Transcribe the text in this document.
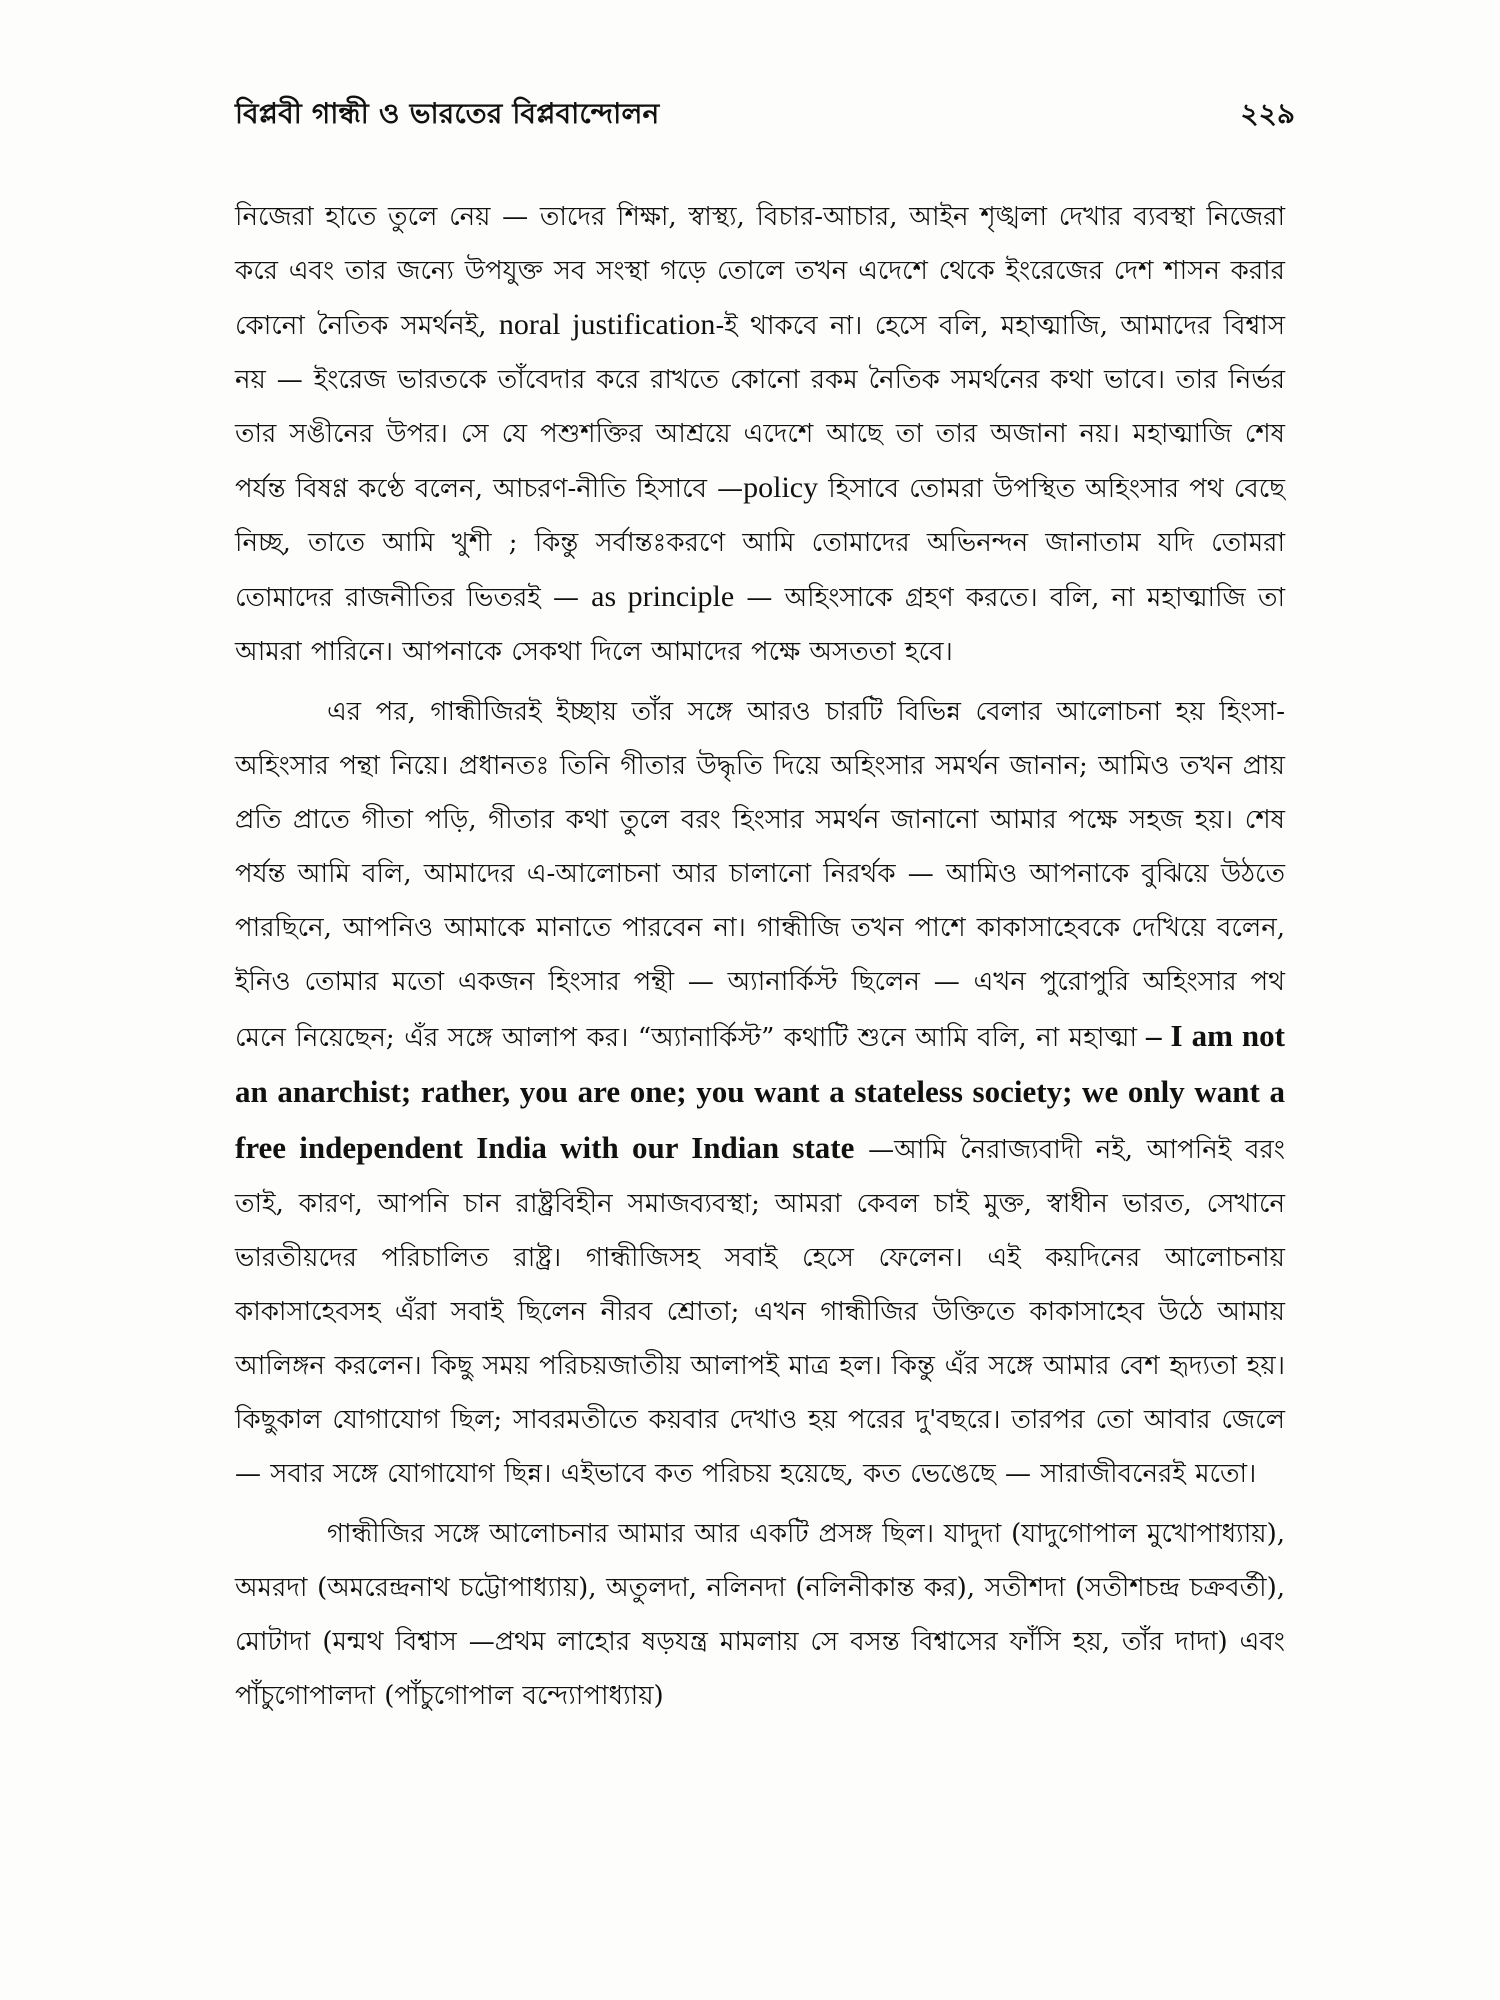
বিপ্লবী গান্ধী ও ভারতের বিপ্লবান্দোলন	২২৯

নিজেরা হাতে তুলে নেয় — তাদের শিক্ষা, স্বাস্থ্য, বিচার-আচার, আইন শৃঙ্খলা দেখার ব্যবস্থা নিজেরা করে এবং তার জন্যে উপযুক্ত সব সংস্থা গড়ে তোলে তখন এদেশে থেকে ইংরেজের দেশ শাসন করার কোনো নৈতিক সমর্থনই, noral justification-ই থাকবে না। হেসে বলি, মহাত্মাজি, আমাদের বিশ্বাস নয় — ইংরেজ ভারতকে তাঁবেদার করে রাখতে কোনো রকম নৈতিক সমর্থনের কথা ভাবে। তার নির্ভর তার সঙীনের উপর। সে যে পশুশক্তির আশ্রয়ে এদেশে আছে তা তার অজানা নয়। মহাত্মাজি শেষ পর্যন্ত বিষণ্ণ কণ্ঠে বলেন, আচরণ-নীতি হিসাবে —policy হিসাবে তোমরা উপস্থিত অহিংসার পথ বেছে নিচ্ছ, তাতে আমি খুশী ; কিন্তু সর্বান্তঃকরণে আমি তোমাদের অভিনন্দন জানাতাম যদি তোমরা তোমাদের রাজনীতির ভিতরই — as principle — অহিংসাকে গ্রহণ করতে। বলি, না মহাত্মাজি তা আমরা পারিনে। আপনাকে সেকথা দিলে আমাদের পক্ষে অসততা হবে।

এর পর, গান্ধীজিরই ইচ্ছায় তাঁর সঙ্গে আরও চারটি বিভিন্ন বেলার আলোচনা হয় হিংসা-অহিংসার পন্থা নিয়ে। প্রধানতঃ তিনি গীতার উদ্ধৃতি দিয়ে অহিংসার সমর্থন জানান; আমিও তখন প্রায় প্রতি প্রাতে গীতা পড়ি, গীতার কথা তুলে বরং হিংসার সমর্থন জানানো আমার পক্ষে সহজ হয়। শেষ পর্যন্ত আমি বলি, আমাদের এ-আলোচনা আর চালানো নিরর্থক — আমিও আপনাকে বুঝিয়ে উঠতে পারছিনে, আপনিও আমাকে মানাতে পারবেন না। গান্ধীজি তখন পাশে কাকাসাহেবকে দেখিয়ে বলেন, ইনিও তোমার মতো একজন হিংসার পন্থী — অ্যানার্কিস্ট ছিলেন — এখন পুরোপুরি অহিংসার পথ মেনে নিয়েছেন; এঁর সঙ্গে আলাপ কর। “অ্যানার্কিস্ট” কথাটি শুনে আমি বলি, না মহাত্মা – I am not an anarchist; rather, you are one; you want a stateless society; we only want a free independent India with our Indian state —আমি নৈরাজ্যবাদী নই, আপনিই বরং তাই, কারণ, আপনি চান রাষ্ট্রবিহীন সমাজব্যবস্থা; আমরা কেবল চাই মুক্ত, স্বাধীন ভারত, সেখানে ভারতীয়দের পরিচালিত রাষ্ট্র। গান্ধীজিসহ সবাই হেসে ফেলেন। এই কয়দিনের আলোচনায় কাকাসাহেবসহ এঁরা সবাই ছিলেন নীরব শ্রোতা; এখন গান্ধীজির উক্তিতে কাকাসাহেব উঠে আমায় আলিঙ্গন করলেন। কিছু সময় পরিচয়জাতীয় আলাপই মাত্র হল। কিন্তু এঁর সঙ্গে আমার বেশ হৃদ্যতা হয়। কিছুকাল যোগাযোগ ছিল; সাবরমতীতে কয়বার দেখাও হয় পরের দু'বছরে। তারপর তো আবার জেলে — সবার সঙ্গে যোগাযোগ ছিন্ন। এইভাবে কত পরিচয় হয়েছে, কত ভেঙেছে — সারাজীবনেরই মতো।

গান্ধীজির সঙ্গে আলোচনার আমার আর একটি প্রসঙ্গ ছিল। যাদুদা (যাদুগোপাল মুখোপাধ্যায়), অমরদা (অমরেন্দ্রনাথ চট্টোপাধ্যায়), অতুলদা, নলিনদা (নলিনীকান্ত কর), সতীশদা (সতীশচন্দ্র চক্রবর্তী), মোটাদা (মন্মথ বিশ্বাস —প্রথম লাহোর ষড়যন্ত্র মামলায় সে বসন্ত বিশ্বাসের ফাঁসি হয়, তাঁর দাদা) এবং পাঁচুগোপালদা (পাঁচুগোপাল বন্দ্যোপাধ্যায়)
